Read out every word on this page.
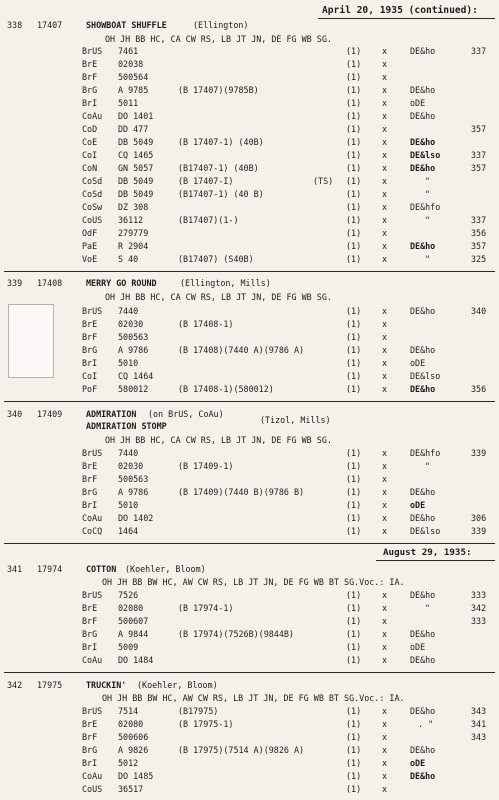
April 20, 1935 (continued):
338 17407	SHOWBOAT SHUFFLE	(Ellington)
OH JH BB HC, CA CW RS, LB JT JN, DE FG WB SG.
BrUS 7461	(1) x	DE&ho	337
BrE 02038	(1) x
BrF 500564	(1) x
BrG A 9785	(B 17407)(9785B)	(1) x	DE&ho
BrI 5011	(1) x	oDE
CoAu DO 1401	(1) x	DE&ho
CoD DD 477	(1) x	357
CoE DB 5049	(B 17407-1) (40B)	(1) x	DE&ho
CoI CQ 1465	(1) x	DE&lso	337
CoN GN 5057	(B17407-1) (40B)	(1) x	DE&ho	357
CoSd DB 5049	(B 17407-I)	(TS) (1) x	"
CoSd DB 5049	(B17407-1) (40 B)	(1) x	"
CoSw DZ 308	(1) x	DE&hfo
CoUS 36112	(B17407)(1-)	(1) x	"	337
OdF 279779	(1) x	356
PaE R 2904	(1) x	DE&ho	357
VoE S 40	(B17407) (S40B)	(1) x	"	325
339 17408	MERRY GO ROUND	(Ellington, Mills)
OH JH BB HC, CA CW RS, LB JT JN, DE FG WB SG.
BrUS 7440	(1) x	DE&ho	340
BrE 02030	(B 17408-1)	(1) x
BrF 500563	(1) x
BrG A 9786	(B 17408)(7440 A)(9786 A)	(1) x	DE&ho
BrI 5010	(1) x	oDE
CoI CQ 1464	(1) x	DE&lso
PoF 580012	(B 17408-1)(580012)	(1) x	DE&ho	356
340 17409	ADMIRATION (on BrUS, CoAu)
(Tizol, Mills)
ADMIRATION STOMP
OH JH BB HC, CA CW RS, LB JT JN, DE FG WB SG.
BrUS 7440	(1) x	DE&hfo	339
BrE 02030	(B 17409-1)	(1) x	"
BrF 500563	(1) x
BrG A 9786	(B 17409)(7440 B)(9786 B)	(1) x	DE&ho
BrI 5010	(1) x	oDE
CoAu DO 1402	(1) x	DE&ho	306
CoCQ 1464	(1) x	DE&lso	339
August 29, 1935:
341 17974	COTTON (Koehler, Bloom)
OH JH BB BW HC, AW CW RS, LB JT JN, DE FG WB BT SG.Voc.: IA.
BrUS 7526	(1) x	DE&ho	333
BrE 02080	(B 17974-1)	(1) x	"	342
BrF 500607	(1) x	333
BrG A 9844	(B 17974)(7526B)(9844B)	(1) x	DE&ho
BrI 5009	(1) x	oDE
CoAu DO 1484	(1) x	DE&ho
342 17975	TRUCKIN' (Koehler, Bloom)
OH JH BB BW HC, AW CW RS, LB JT JN, DE FG WB BT SG.Voc.: IA.
BrUS 7514	(B17975)	(1) x	DE&ho	343
BrE 02080	(B 17975-1)	(1) x	. "	341
BrF 500606	(1) x	343
BrG A 9826	(B 17975)(7514 A)(9826 A)	(1) x	DE&ho
BrI 5012	(1) x	oDE
CoAu DO 1485	(1) x	DE&ho
CoUS 36517	(1) x
